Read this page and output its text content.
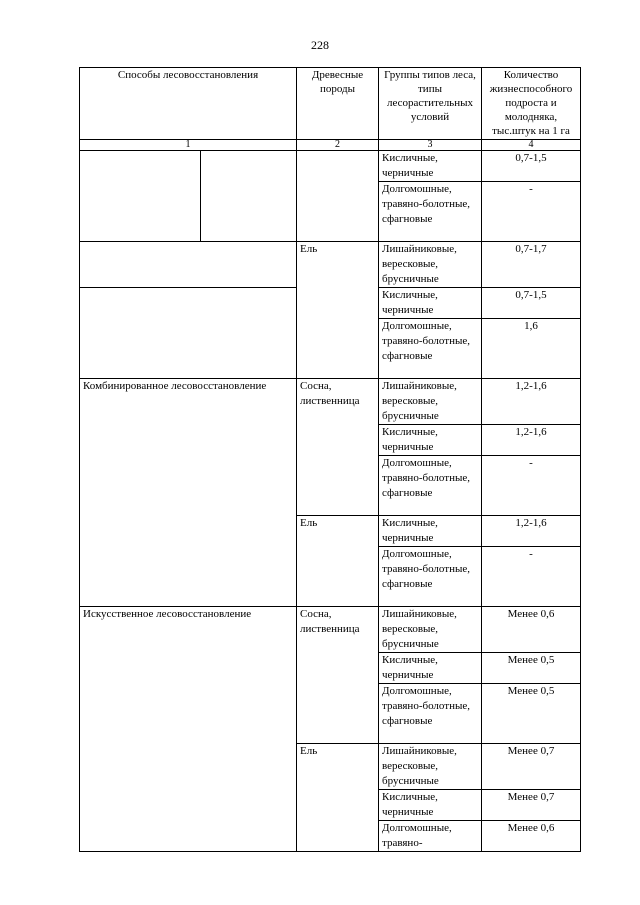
228
Способы лесовосстановления		Древесные породы	Группы типов леса, типы лесорастительных условий	Количество жизнеспособного подроста и молодняка, тыс.штук на 1 га
1		2	3	4
			Кисличные, черничные	0,7-1,5
			Долгомошные, травяно-болотные, сфагновые	-
		Ель	Лишайниковые, вересковые, брусничные	0,7-1,7
			Кисличные, черничные	0,7-1,5
			Долгомошные, травяно-болотные, сфагновые	1,6
Комбинированное лесовосстановление		Сосна, лиственница	Лишайниковые, вересковые, брусничные	1,2-1,6
			Кисличные, черничные	1,2-1,6
			Долгомошные, травяно-болотные, сфагновые	-
		Ель	Кисличные, черничные	1,2-1,6
			Долгомошные, травяно-болотные, сфагновые	-
Искусственное лесовосстановление		Сосна, лиственница	Лишайниковые, вересковые, брусничные	Менее 0,6
			Кисличные, черничные	Менее 0,5
			Долгомошные, травяно-болотные, сфагновые	Менее 0,5
		Ель	Лишайниковые, вересковые, брусничные	Менее 0,7
			Кисличные, черничные	Менее 0,7
			Долгомошные, травяно-	Менее 0,6
